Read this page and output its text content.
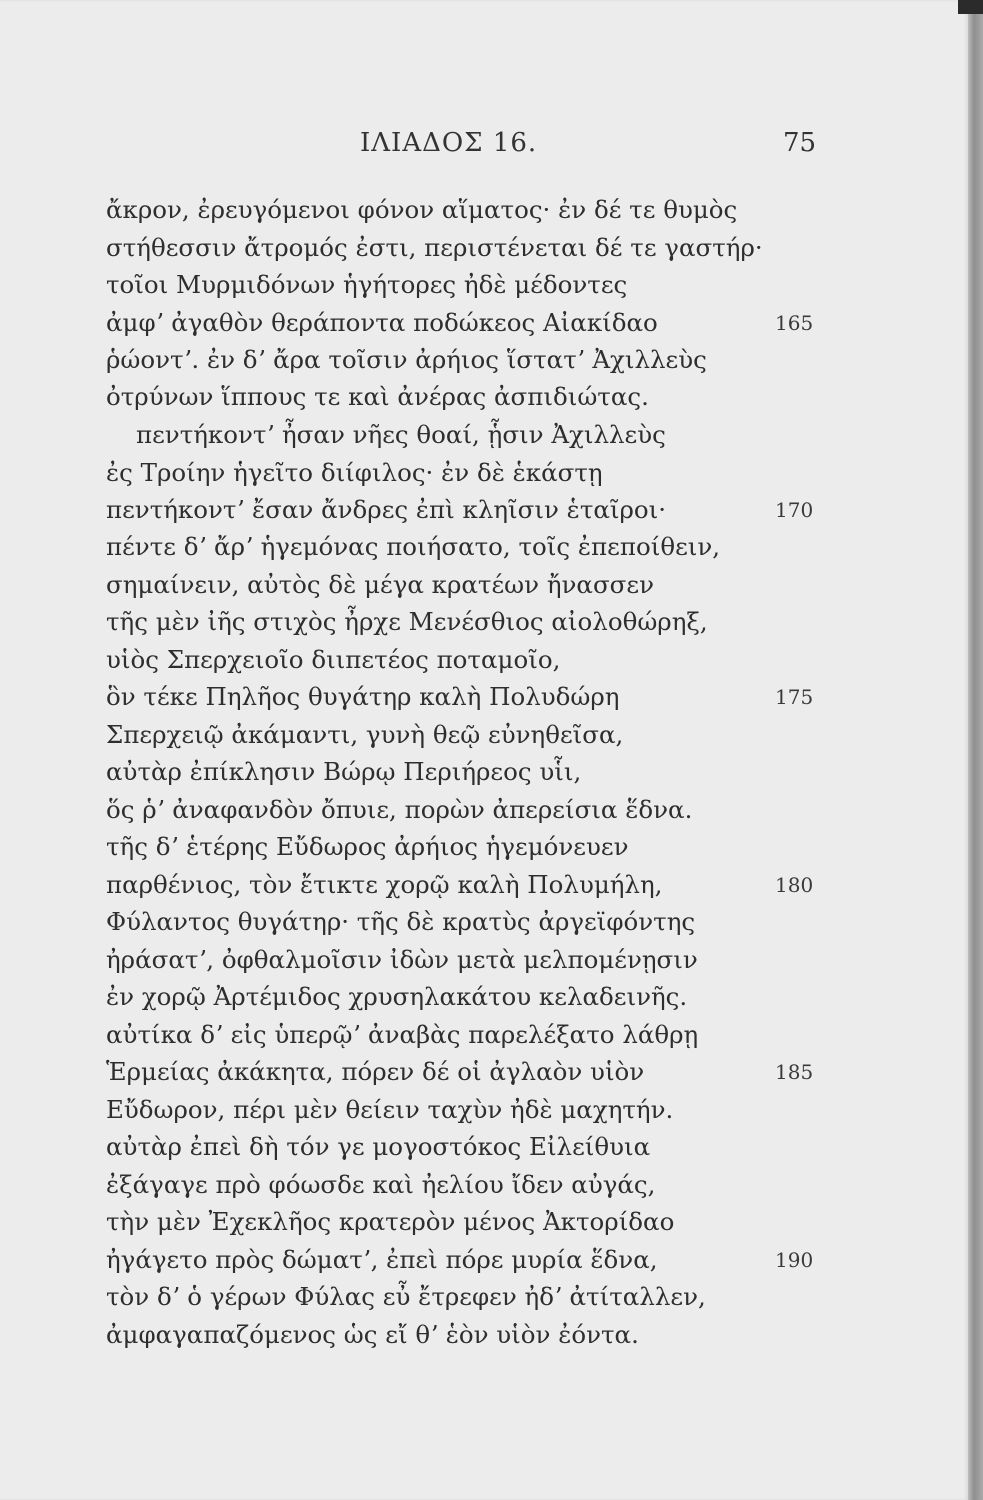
ΙΛΙΑΔΟΣ 16.	75
ἄκρον, ἐρευγόμενοι φόνον αἵματος· ἐν δέ τε θυμὸς
στήθεσσιν ἄτρομός ἐστι, περιστένεται δέ τε γαστήρ·
τοῖοι Μυρμιδόνων ἡγήτορες ἠδὲ μέδοντες
ἀμφʼ ἀγαθὸν θεράποντα ποδώκεος Αἰακίδαο	165
ῥώοντʼ. ἐν δʼ ἄρα τοῖσιν ἀρήιος ἵστατʼ Ἀχιλλεὺς
ὀτρύνων ἵππους τε καὶ ἀνέρας ἀσπιδιώτας.
πεντήκοντʼ ἦσαν νῆες θοαί, ᾗσιν Ἀχιλλεὺς
ἐς Τροίην ἡγεῖτο διίφιλος· ἐν δὲ ἑκάστῃ
πεντήκοντʼ ἔσαν ἄνδρες ἐπὶ κληῖσιν ἑταῖροι·	170
πέντε δʼ ἄρʼ ἡγεμόνας ποιήσατο, τοῖς ἐπεποίθειν,
σημαίνειν, αὐτὸς δὲ μέγα κρατέων ἤνασσεν
τῆς μὲν ἰῆς στιχὸς ἦρχε Μενέσθιος αἰολοθώρηξ,
υἱὸς Σπερχειοῖο διιπετέος ποταμοῖο,
ὃν τέκε Πηλῆος θυγάτηρ καλὴ Πολυδώρη	175
Σπερχειῷ ἀκάμαντι, γυνὴ θεῷ εὐνηθεῖσα,
αὐτὰρ ἐπίκλησιν Βώρῳ Περιήρεος υἷι,
ὅς ῥʼ ἀναφανδὸν ὄπυιε, πορὼν ἀπερείσια ἕδνα.
τῆς δʼ ἑτέρης Εὔδωρος ἀρήιος ἡγεμόνευεν
παρθένιος, τὸν ἔτικτε χορῷ καλὴ Πολυμήλη,	180
Φύλαντος θυγάτηρ· τῆς δὲ κρατὺς ἀργεϊφόντης
ἠράσατʼ, ὀφθαλμοῖσιν ἰδὼν μετὰ μελπομένῃσιν
ἐν χορῷ Ἀρτέμιδος χρυσηλακάτου κελαδεινῆς.
αὐτίκα δʼ εἰς ὑπερῷʼ ἀναβὰς παρελέξατο λάθρῃ
Ἑρμείας ἀκάκητα, πόρεν δέ οἱ ἀγλαὸν υἱὸν	185
Εὔδωρον, πέρι μὲν θείειν ταχὺν ἠδὲ μαχητήν.
αὐτὰρ ἐπεὶ δὴ τόν γε μογοστόκος Εἰλείθυια
ἐξάγαγε πρὸ φόωσδε καὶ ἠελίου ἴδεν αὐγάς,
τὴν μὲν Ἐχεκλῆος κρατερὸν μένος Ἀκτορίδαο
ἠγάγετο πρὸς δώματʼ, ἐπεὶ πόρε μυρία ἕδνα,	190
τὸν δʼ ὁ γέρων Φύλας εὖ ἔτρεφεν ἠδʼ ἀτίταλλεν,
ἀμφαγαπαζόμενος ὡς εἴ θʼ ἑὸν υἱὸν ἐόντα.
